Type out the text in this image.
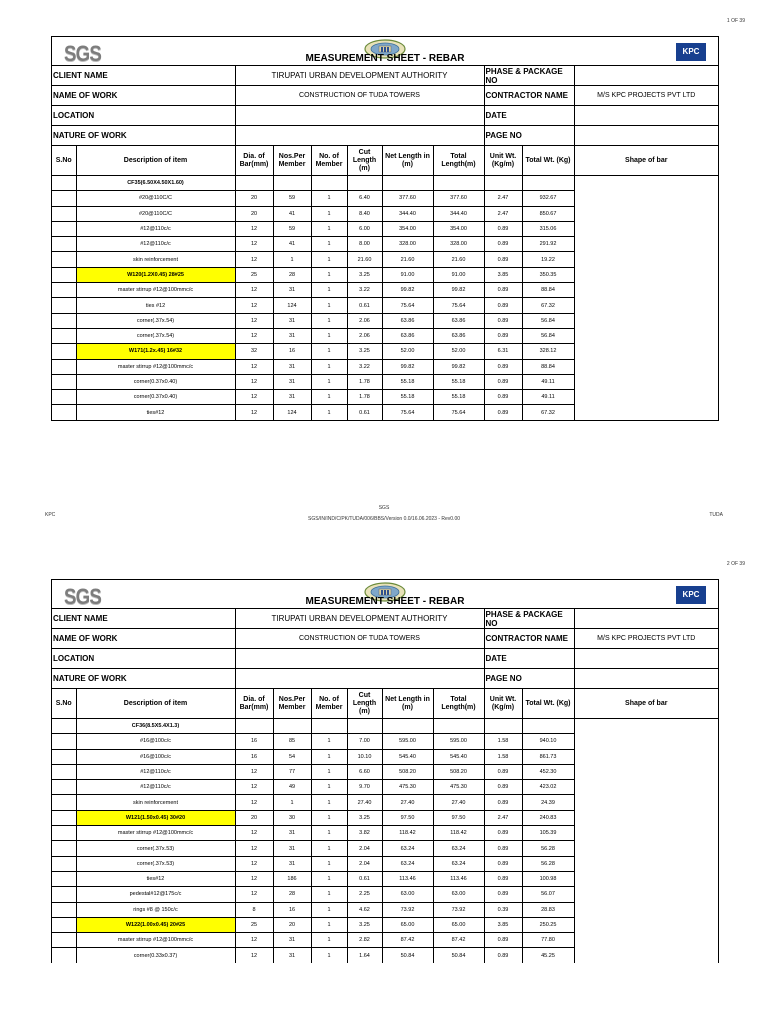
1 OF 39
SGS	KPC
MEASUREMENT SHEET - REBAR
CLIENT NAME	TIRUPATI URBAN DEVELOPMENT AUTHORITY	PHASE & PACKAGE NO	
NAME OF WORK	CONSTRUCTION OF TUDA TOWERS	CONTRACTOR NAME	M/S KPC PROJECTS PVT LTD
LOCATION		DATE	
NATURE OF WORK		PAGE NO	
S.No	Description of item	Dia. of Bar(mm)	Nos.Per Member	No. of Member	Cut Length (m)	Net Length in (m)	Total Length(m)	Unit Wt. (Kg/m)	Total Wt. (Kg)	Shape of bar
	CF35(6.50X4.50X1.60)									
	#20@110C/C	20	59	1	6.40	377.60	377.60	2.47	932.67	
	#20@110C/C	20	41	1	8.40	344.40	344.40	2.47	850.67	
	#12@110c/c	12	59	1	6.00	354.00	354.00	0.89	315.06	
	#12@110c/c	12	41	1	8.00	328.00	328.00	0.89	291.92	
	skin reinforcement	12	1	1	21.60	21.60	21.60	0.89	19.22	
	W120(1.2X0.45) 28#25	25	28	1	3.25	91.00	91.00	3.85	350.35	
	master stirrup #12@100mmc/c	12	31	1	3.22	99.82	99.82	0.89	88.84	
	ties #12	12	124	1	0.61	75.64	75.64	0.89	67.32	
	corner(.37x.54)	12	31	1	2.06	63.86	63.86	0.89	56.84	
	corner(.37x.54)	12	31	1	2.06	63.86	63.86	0.89	56.84	
	W171(1.2x.45) 16#32	32	16	1	3.25	52.00	52.00	6.31	328.12	
	master stirrup #12@100mmc/c	12	31	1	3.22	99.82	99.82	0.89	88.84	
	corner(0.37x0.40)	12	31	1	1.78	55.18	55.18	0.89	49.11	
	corner(0.37x0.40)	12	31	1	1.78	55.18	55.18	0.89	49.11	
	ties#12	12	124	1	0.61	75.64	75.64	0.89	67.32	
KPC
SGS
SGS/IN/IND/C/PK/TUDA/006/BBS/Version 0.0/16.06.2023 - Rev0.00
TUDA
2 OF 39
SGS	KPC
MEASUREMENT SHEET - REBAR
CLIENT NAME	TIRUPATI URBAN DEVELOPMENT AUTHORITY	PHASE & PACKAGE NO	
NAME OF WORK	CONSTRUCTION OF TUDA TOWERS	CONTRACTOR NAME	M/S KPC PROJECTS PVT LTD
LOCATION		DATE	
NATURE OF WORK		PAGE NO	
S.No	Description of item	Dia. of Bar(mm)	Nos.Per Member	No. of Member	Cut Length (m)	Net Length in (m)	Total Length(m)	Unit Wt. (Kg/m)	Total Wt. (Kg)	Shape of bar
	CF36(8.5X5.4X1.3)									
	#16@100c/c	16	85	1	7.00	595.00	595.00	1.58	940.10	
	#16@100c/c	16	54	1	10.10	545.40	545.40	1.58	861.73	
	#12@110c/c	12	77	1	6.60	508.20	508.20	0.89	452.30	
	#12@110c/c	12	49	1	9.70	475.30	475.30	0.89	423.02	
	skin reinforcement	12	1	1	27.40	27.40	27.40	0.89	24.39	
	W121(1.50x0.45) 30#20	20	30	1	3.25	97.50	97.50	2.47	240.83	
	master stirrup #12@100mmc/c	12	31	1	3.82	118.42	118.42	0.89	105.39	
	corner(.37x.53)	12	31	1	2.04	63.24	63.24	0.89	56.28	
	corner(.37x.53)	12	31	1	2.04	63.24	63.24	0.89	56.28	
	ties#12	12	186	1	0.61	113.46	113.46	0.89	100.98	
	pedestal#12@175c/c	12	28	1	2.25	63.00	63.00	0.89	56.07	
	rings #8 @ 150c/c	8	16	1	4.62	73.92	73.92	0.39	28.83	
	W122(1.00x0.45) 20#25	25	20	1	3.25	65.00	65.00	3.85	250.25	
	master stirrup #12@100mmc/c	12	31	1	2.82	87.42	87.42	0.89	77.80	
	corner(0.33x0.37)	12	31	1	1.64	50.84	50.84	0.89	45.25	
